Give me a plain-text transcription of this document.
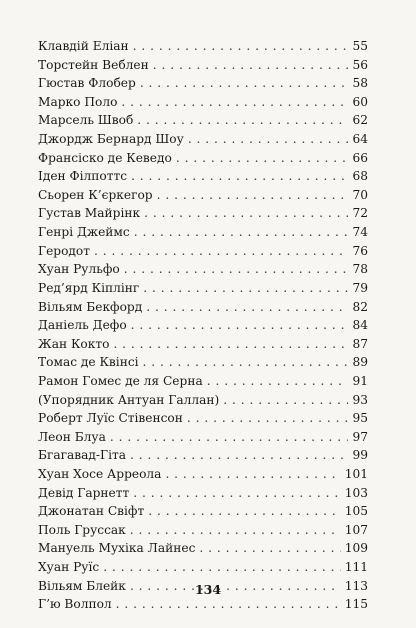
Клавдій Еліан . . .	55
Торстейн Веблен . . .	56
Гюстав Флобер . . .	58
Марко Поло . . .	60
Марсель Швоб . . .	62
Джордж Бернард Шоу . . .	64
Франсіско де Кеведо . . .	66
Іден Філпоттс . . .	68
Сьорен К’єркегор . . .	70
Густав Майрінк . . .	72
Генрі Джеймс . . .	74
Геродот . . .	76
Хуан Рульфо . . .	78
Ред’ярд Кіплінг . . .	79
Вільям Бекфорд . . .	82
Даніель Дефо . . .	84
Жан Кокто . . .	87
Томас де Квінсі . . .	89
Рамон Гомес де ля Серна . . .	91
(Упорядник Антуан Галлан) . . .	93
Роберт Луїс Стівенсон . . .	95
Леон Блуа . . .	97
Бгагавад-Гіта . . .	99
Хуан Хосе Арреола . . .	101
Девід Гарнетт . . .	103
Джонатан Свіфт . . .	105
Поль Груссак . . .	107
Мануель Мухіка Лайнес . . .	109
Хуан Руїс . . .	111
Вільям Блейк . . .	113
Г’ю Волпол . . .	115
134
